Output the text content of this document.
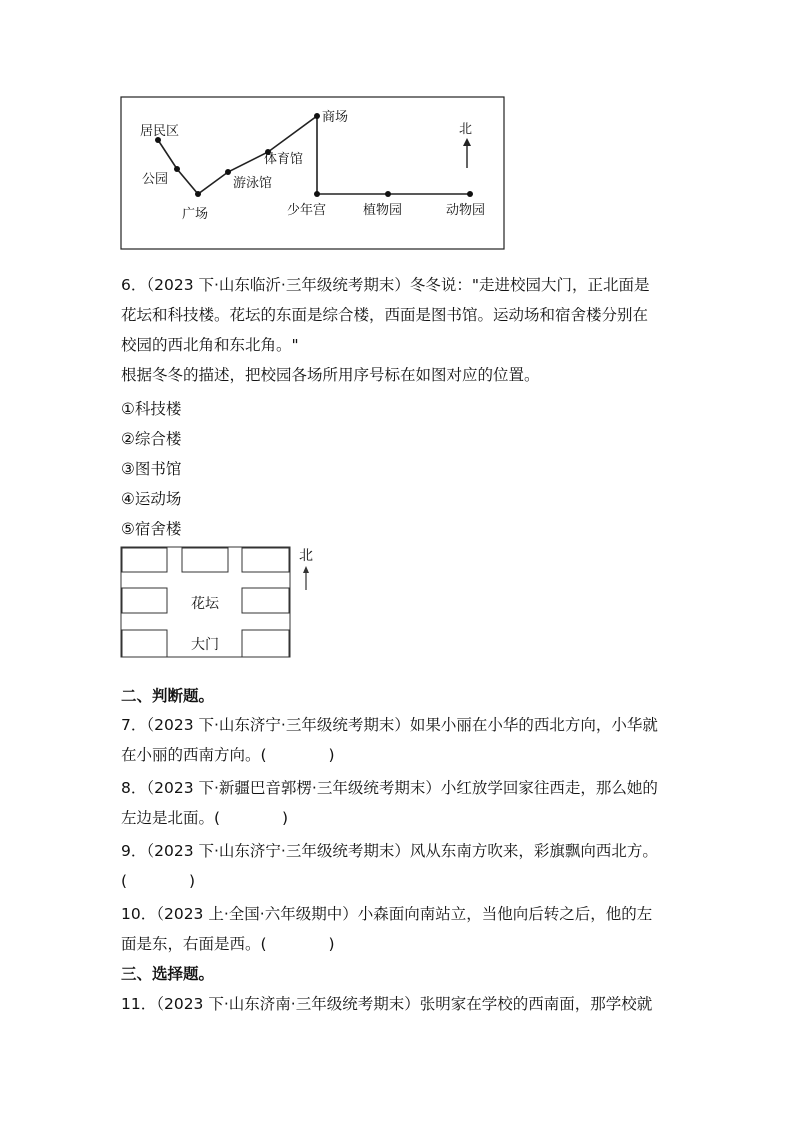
居民区
公园
广场
游泳馆
体育馆
商场
少年宫	植物园	动物园
北
6．（2023 下·山东临沂·三年级统考期末）冬冬说："走进校园大门，正北面是
花坛和科技楼。花坛的东面是综合楼，西面是图书馆。运动场和宿舍楼分别在
校园的西北角和东北角。"
根据冬冬的描述，把校园各场所用序号标在如图对应的位置。
①科技楼
②综合楼
③图书馆
④运动场
⑤宿舍楼
花坛
大门
北
二、判断题。
7．（2023 下·山东济宁·三年级统考期末）如果小丽在小华的西北方向，小华就
在小丽的西南方向。(　　　　)
8．（2023 下·新疆巴音郭楞·三年级统考期末）小红放学回家往西走，那么她的
左边是北面。(　　　　)
9．（2023 下·山东济宁·三年级统考期末）风从东南方吹来，彩旗飘向西北方。
(　　　　)
10．（2023 上·全国·六年级期中）小森面向南站立，当他向后转之后，他的左
面是东，右面是西。(　　　　)
三、选择题。
11．（2023 下·山东济南·三年级统考期末）张明家在学校的西南面，那学校就
